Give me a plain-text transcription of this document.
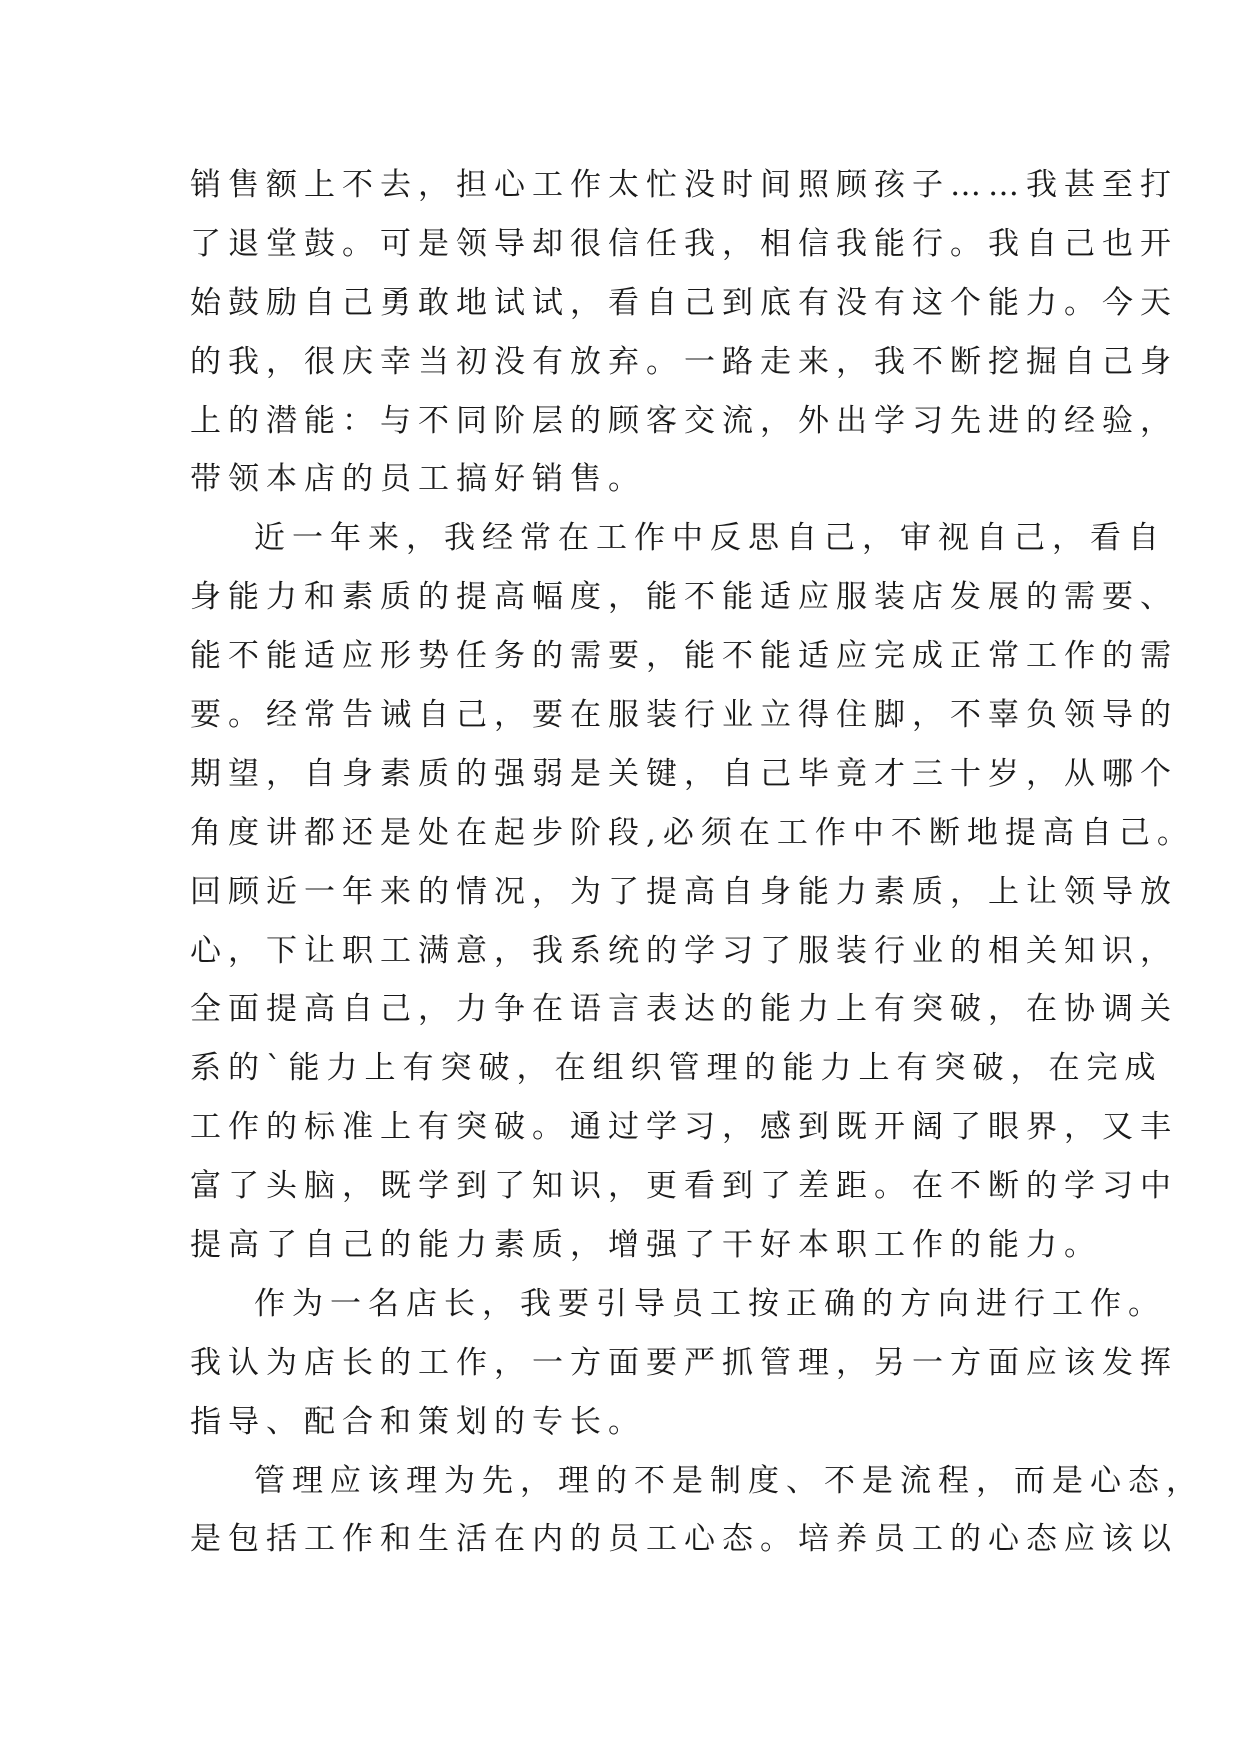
销售额上不去，担心工作太忙没时间照顾孩子……我甚至打
了退堂鼓。可是领导却很信任我，相信我能行。我自己也开
始鼓励自己勇敢地试试，看自己到底有没有这个能力。今天
的我，很庆幸当初没有放弃。一路走来，我不断挖掘自己身
上的潜能：与不同阶层的顾客交流，外出学习先进的经验，
带领本店的员工搞好销售。
近一年来，我经常在工作中反思自己，审视自己，看自
身能力和素质的提高幅度，能不能适应服装店发展的需要、
能不能适应形势任务的需要，能不能适应完成正常工作的需
要。经常告诫自己，要在服装行业立得住脚，不辜负领导的
期望，自身素质的强弱是关键，自己毕竟才三十岁，从哪个
角度讲都还是处在起步阶段,必须在工作中不断地提高自己。
回顾近一年来的情况，为了提高自身能力素质，上让领导放
心，下让职工满意，我系统的学习了服装行业的相关知识，
全面提高自己，力争在语言表达的能力上有突破，在协调关
系的`能力上有突破，在组织管理的能力上有突破，在完成
工作的标准上有突破。通过学习，感到既开阔了眼界，又丰
富了头脑，既学到了知识，更看到了差距。在不断的学习中
提高了自己的能力素质，增强了干好本职工作的能力。
作为一名店长，我要引导员工按正确的方向进行工作。
我认为店长的工作，一方面要严抓管理，另一方面应该发挥
指导、配合和策划的专长。
管理应该理为先，理的不是制度、不是流程，而是心态，
是包括工作和生活在内的员工心态。培养员工的心态应该以
